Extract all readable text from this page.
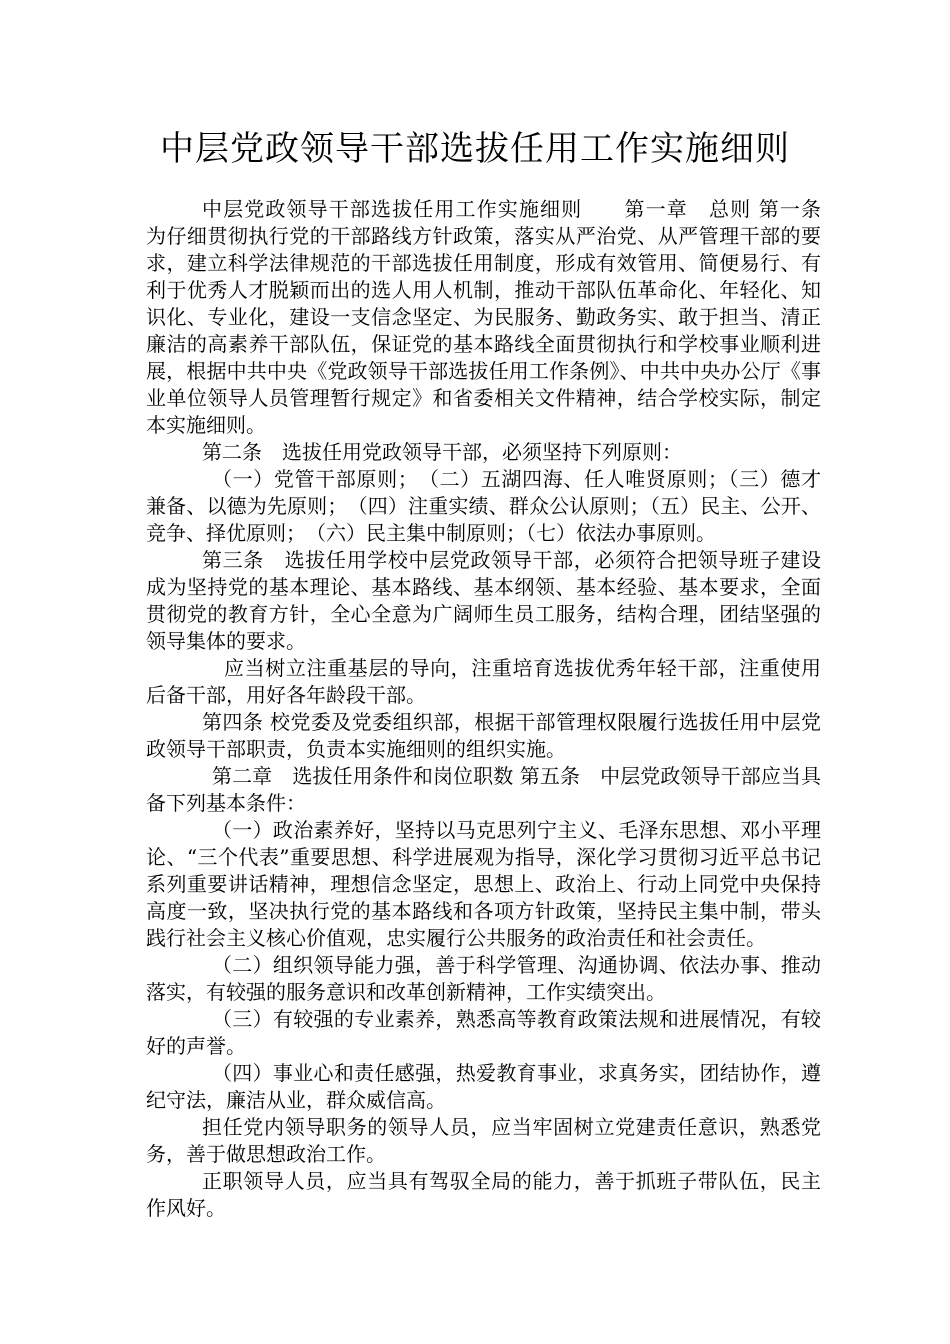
中层党政领导干部选拔任用工作实施细则

中层党政领导干部选拔任用工作实施细则　　第一章　总则 第一条　为仔细贯彻执行党的干部路线方针政策，落实从严治党、从严管理干部的要求，建立科学法律规范的干部选拔任用制度，形成有效管用、简便易行、有利于优秀人才脱颖而出的选人用人机制，推动干部队伍革命化、年轻化、知识化、专业化，建设一支信念坚定、为民服务、勤政务实、敢于担当、清正廉洁的高素养干部队伍，保证党的基本路线全面贯彻执行和学校事业顺利进展，根据中共中央《党政领导干部选拔任用工作条例》、中共中央办公厅《事业单位领导人员管理暂行规定》和省委相关文件精神，结合学校实际，制定本实施细则。

第二条　选拔任用党政领导干部，必须坚持下列原则：

（一）党管干部原则；　（二）五湖四海、任人唯贤原则；（三）德才兼备、以德为先原则；　（四）注重实绩、群众公认原则；（五）民主、公开、竞争、择优原则；　（六）民主集中制原则；（七）依法办事原则。

第三条　选拔任用学校中层党政领导干部，必须符合把领导班子建设成为坚持党的基本理论、基本路线、基本纲领、基本经验、基本要求，全面贯彻党的教育方针，全心全意为广阔师生员工服务，结构合理，团结坚强的领导集体的要求。

应当树立注重基层的导向，注重培育选拔优秀年轻干部，注重使用后备干部，用好各年龄段干部。

第四条 校党委及党委组织部，根据干部管理权限履行选拔任用中层党政领导干部职责，负责本实施细则的组织实施。

第二章　选拔任用条件和岗位职数 第五条　中层党政领导干部应当具备下列基本条件：

（一）政治素养好，坚持以马克思列宁主义、毛泽东思想、邓小平理论、“三个代表”重要思想、科学进展观为指导，深化学习贯彻习近平总书记系列重要讲话精神，理想信念坚定，思想上、政治上、行动上同党中央保持高度一致，坚决执行党的基本路线和各项方针政策，坚持民主集中制，带头践行社会主义核心价值观，忠实履行公共服务的政治责任和社会责任。

（二）组织领导能力强，善于科学管理、沟通协调、依法办事、推动落实，有较强的服务意识和改革创新精神，工作实绩突出。

（三）有较强的专业素养，熟悉高等教育政策法规和进展情况，有较好的声誉。

（四）事业心和责任感强，热爱教育事业，求真务实，团结协作，遵纪守法，廉洁从业，群众威信高。

担任党内领导职务的领导人员，应当牢固树立党建责任意识，熟悉党务，善于做思想政治工作。

正职领导人员，应当具有驾驭全局的能力，善于抓班子带队伍，民主作风好。
